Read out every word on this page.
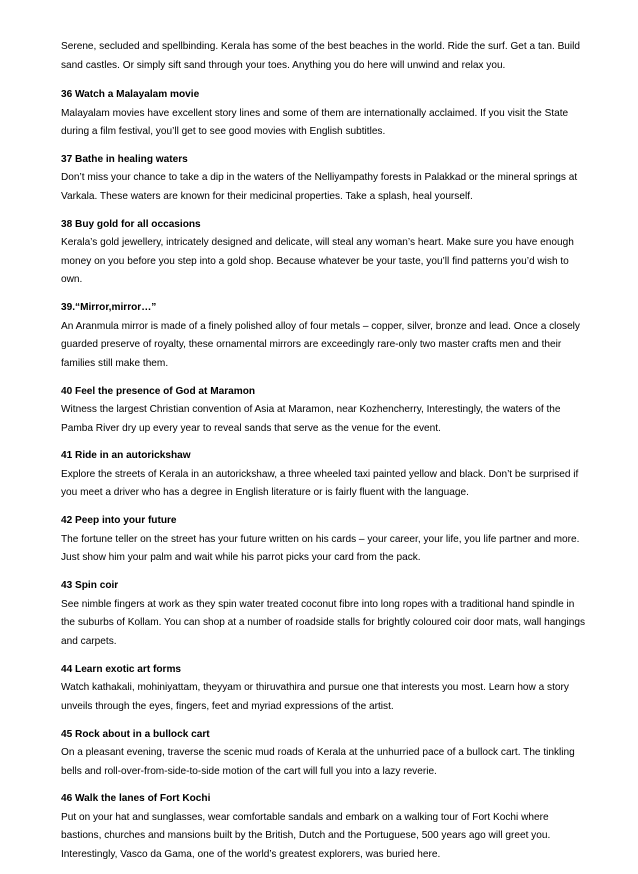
Serene, secluded and spellbinding. Kerala has some of the best beaches in the world. Ride the surf. Get a tan. Build sand castles. Or simply sift sand through your toes. Anything you do here will unwind and relax you.

36 Watch a Malayalam movie

Malayalam movies have excellent story lines and some of them are internationally acclaimed. If you visit the State during a film festival, you’ll get to see good movies with English subtitles.

37 Bathe in healing waters

Don’t miss your chance to take a dip in the waters of the Nelliyampathy forests in Palakkad or the mineral springs at Varkala. These waters are known for their medicinal properties. Take a splash, heal yourself.

38 Buy gold for all occasions

Kerala’s gold jewellery, intricately designed and delicate, will steal any woman’s heart. Make sure you have enough money on you before you step into a gold shop. Because whatever be your taste, you’ll find patterns you’d wish to own.

39.“Mirror,mirror…”

An Aranmula mirror is made of a finely polished alloy of four metals – copper, silver, bronze and lead. Once a closely guarded preserve of royalty, these ornamental mirrors are exceedingly rare-only two master crafts men and their families still make them.

40 Feel the presence of God at Maramon

Witness the largest Christian convention of Asia at Maramon, near Kozhencherry, Interestingly, the waters of the Pamba River dry up every year to reveal sands that serve as the venue for the event.

41 Ride in an autorickshaw

Explore the streets of Kerala in an autorickshaw, a three wheeled taxi painted yellow and black. Don’t be surprised if you meet a driver who has a degree in English literature or is fairly fluent with the language.

42 Peep into your future

The fortune teller on the street has your future written on his cards – your career, your life, you life partner and more. Just show him your palm and wait while his parrot picks your card from the pack.

43 Spin coir

See nimble fingers at work as they spin water treated coconut fibre into long ropes with a traditional hand spindle in the suburbs of Kollam. You can shop at a number of roadside stalls for brightly coloured coir door mats, wall hangings and carpets.

44 Learn exotic art forms

Watch kathakali, mohiniyattam, theyyam or thiruvathira and pursue one that interests you most. Learn how a story unveils through the eyes, fingers, feet and myriad expressions of the artist.

45 Rock about in a bullock cart

On a pleasant evening, traverse the scenic mud roads of Kerala at the unhurried pace of a bullock cart. The tinkling bells and roll-over-from-side-to-side motion of the cart will full you into a lazy reverie.

46 Walk the lanes of Fort Kochi

Put on your hat and sunglasses, wear comfortable sandals and embark on a walking tour of Fort Kochi where bastions, churches and mansions built by the British, Dutch and the Portuguese, 500 years ago will greet you. Interestingly, Vasco da Gama, one of the world’s greatest explorers, was buried here.
